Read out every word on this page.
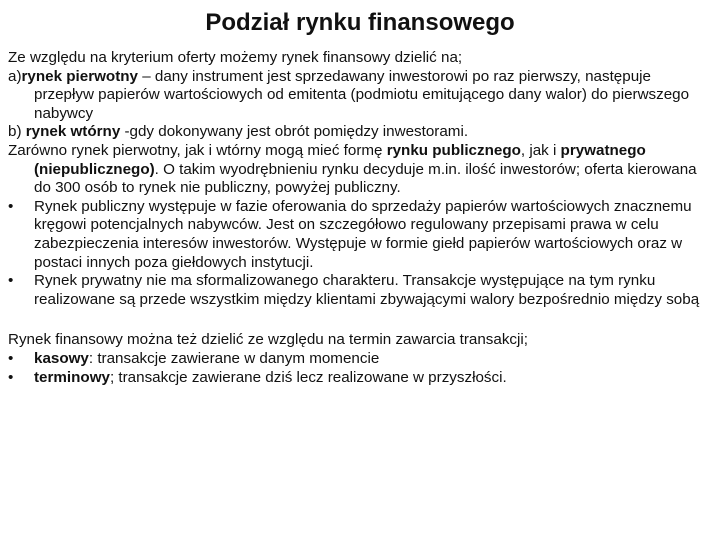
Podział rynku finansowego

Ze względu na kryterium oferty możemy rynek finansowy dzielić na;

a)rynek pierwotny – dany instrument jest sprzedawany inwestorowi po raz pierwszy, następuje przepływ papierów wartościowych od emitenta (podmiotu emitującego dany walor) do pierwszego nabywcy

b) rynek wtórny -gdy dokonywany jest obrót pomiędzy inwestorami.

Zarówno rynek pierwotny, jak i wtórny mogą mieć formę rynku publicznego, jak i prywatnego (niepublicznego). O takim wyodrębnieniu rynku decyduje m.in. ilość inwestorów; oferta kierowana do 300 osób to rynek nie publiczny, powyżej publiczny.

•	Rynek publiczny występuje w fazie oferowania do sprzedaży papierów wartościowych znacznemu kręgowi potencjalnych nabywców. Jest on szczegółowo regulowany przepisami prawa w celu zabezpieczenia interesów inwestorów. Występuje w formie giełd papierów wartościowych oraz w postaci innych poza giełdowych instytucji.

•	Rynek prywatny nie ma sformalizowanego charakteru. Transakcje występujące na tym rynku realizowane są przede wszystkim między klientami zbywającymi walory bezpośrednio między sobą

Rynek finansowy można też dzielić ze względu na termin zawarcia transakcji;

•	kasowy: transakcje zawierane w danym momencie

•	terminowy; transakcje zawierane dziś lecz realizowane w przyszłości.
